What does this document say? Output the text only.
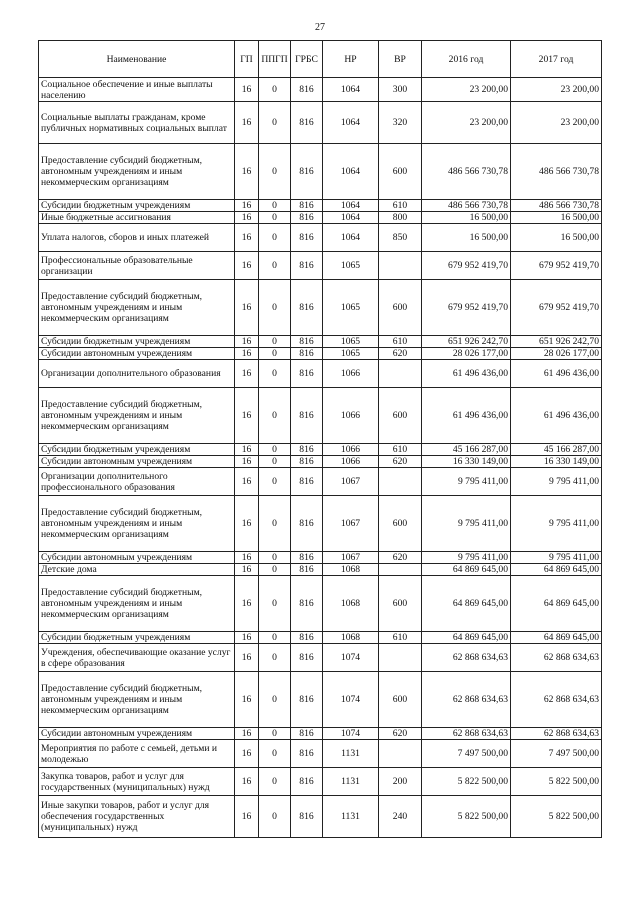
27
Наименование	ГП	ППГП	ГРБС	НР	ВР	2016 год	2017 год
Социальное обеспечение и иные выплаты населению	16	0	816	1064	300	23 200,00	23 200,00
Социальные выплаты гражданам, кроме публичных нормативных социальных выплат	16	0	816	1064	320	23 200,00	23 200,00
Предоставление субсидий бюджетным, автономным учреждениям и иным некоммерческим организациям	16	0	816	1064	600	486 566 730,78	486 566 730,78
Субсидии бюджетным учреждениям	16	0	816	1064	610	486 566 730,78	486 566 730,78
Иные бюджетные ассигнования	16	0	816	1064	800	16 500,00	16 500,00
Уплата налогов, сборов и иных платежей	16	0	816	1064	850	16 500,00	16 500,00
Профессиональные образовательные организации	16	0	816	1065		679 952 419,70	679 952 419,70
Предоставление субсидий бюджетным, автономным учреждениям и иным некоммерческим организациям	16	0	816	1065	600	679 952 419,70	679 952 419,70
Субсидии бюджетным учреждениям	16	0	816	1065	610	651 926 242,70	651 926 242,70
Субсидии автономным учреждениям	16	0	816	1065	620	28 026 177,00	28 026 177,00
Организации дополнительного образования	16	0	816	1066		61 496 436,00	61 496 436,00
Предоставление субсидий бюджетным, автономным учреждениям и иным некоммерческим организациям	16	0	816	1066	600	61 496 436,00	61 496 436,00
Субсидии бюджетным учреждениям	16	0	816	1066	610	45 166 287,00	45 166 287,00
Субсидии автономным учреждениям	16	0	816	1066	620	16 330 149,00	16 330 149,00
Организации дополнительного профессионального образования	16	0	816	1067		9 795 411,00	9 795 411,00
Предоставление субсидий бюджетным, автономным учреждениям и иным некоммерческим организациям	16	0	816	1067	600	9 795 411,00	9 795 411,00
Субсидии автономным учреждениям	16	0	816	1067	620	9 795 411,00	9 795 411,00
Детские дома	16	0	816	1068		64 869 645,00	64 869 645,00
Предоставление субсидий бюджетным, автономным учреждениям и иным некоммерческим организациям	16	0	816	1068	600	64 869 645,00	64 869 645,00
Субсидии бюджетным учреждениям	16	0	816	1068	610	64 869 645,00	64 869 645,00
Учреждения, обеспечивающие оказание услуг в сфере образования	16	0	816	1074		62 868 634,63	62 868 634,63
Предоставление субсидий бюджетным, автономным учреждениям и иным некоммерческим организациям	16	0	816	1074	600	62 868 634,63	62 868 634,63
Субсидии автономным учреждениям	16	0	816	1074	620	62 868 634,63	62 868 634,63
Мероприятия по работе с семьей, детьми и молодежью	16	0	816	1131		7 497 500,00	7 497 500,00
Закупка товаров, работ и услуг для государственных (муниципальных) нужд	16	0	816	1131	200	5 822 500,00	5 822 500,00
Иные закупки товаров, работ и услуг для обеспечения государственных (муниципальных) нужд	16	0	816	1131	240	5 822 500,00	5 822 500,00
